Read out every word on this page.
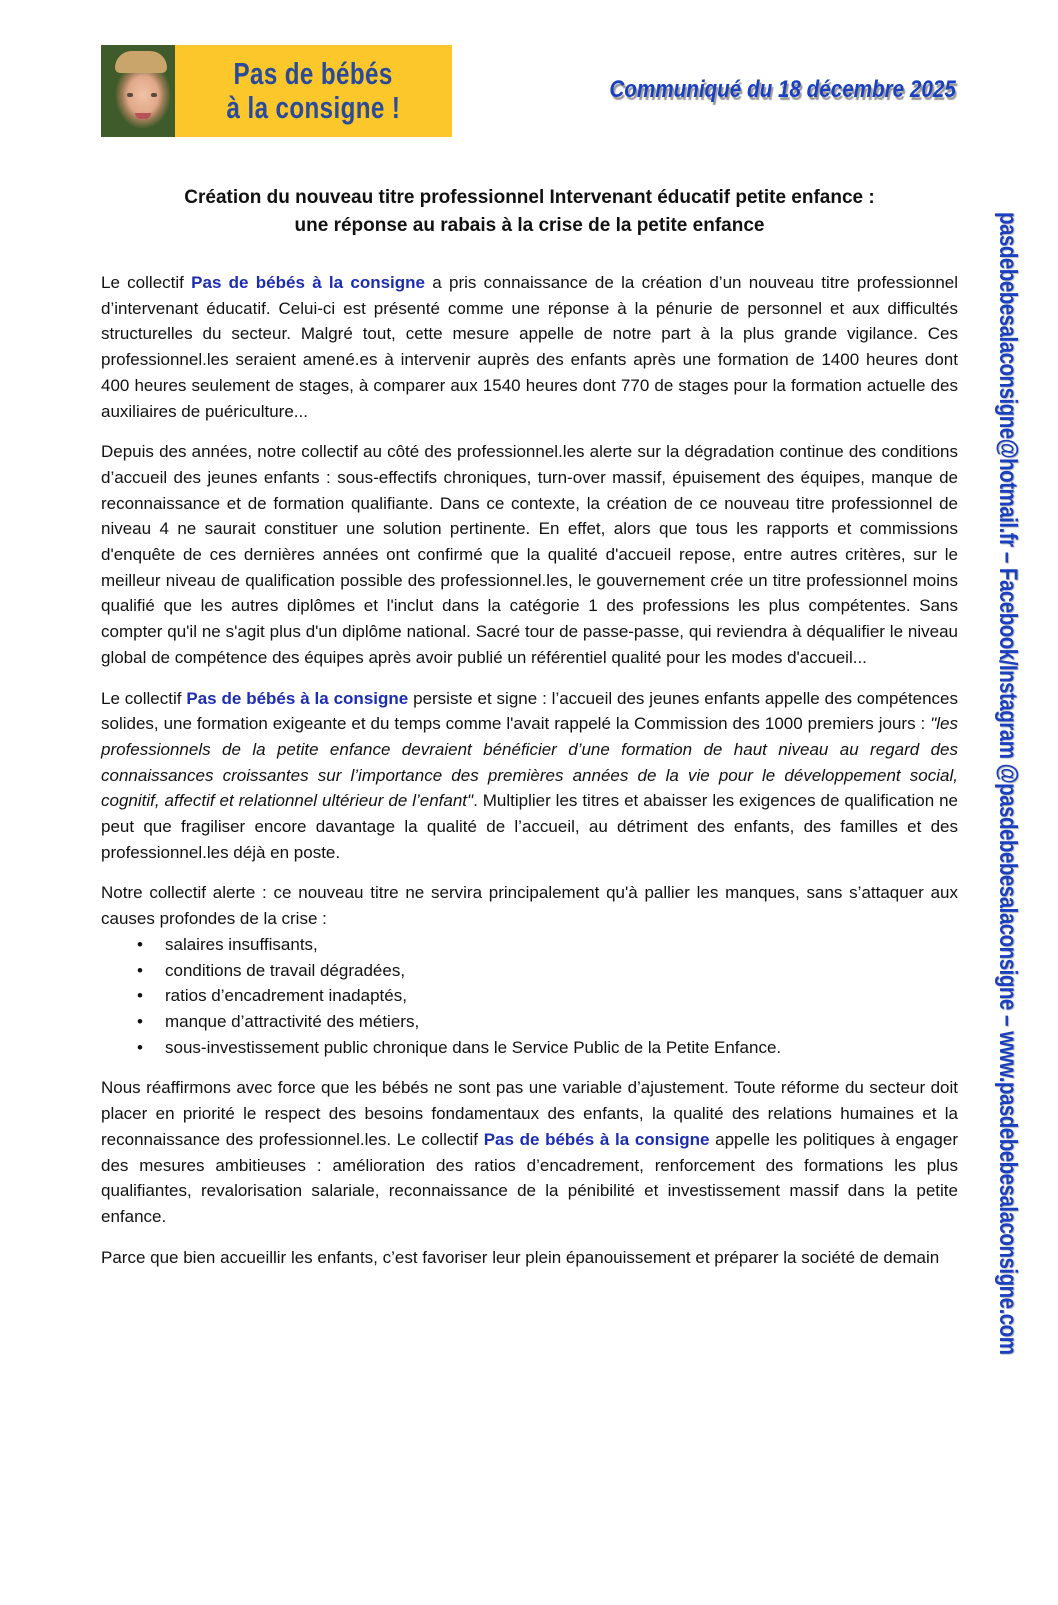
Pas de bébés
à la consigne !
Communiqué du 18 décembre 2025
Création du nouveau titre professionnel Intervenant éducatif petite enfance :
une réponse au rabais à la crise de la petite enfance

Le collectif Pas de bébés à la consigne a pris connaissance de la création d’un nouveau titre professionnel d’intervenant éducatif. Celui-ci est présenté comme une réponse à la pénurie de personnel et aux difficultés structurelles du secteur. Malgré tout, cette mesure appelle de notre part à la plus grande vigilance. Ces professionnel.les seraient amené.es à intervenir auprès des enfants après une formation de 1400 heures dont 400 heures seulement de stages, à comparer aux 1540 heures dont 770 de stages pour la formation actuelle des auxiliaires de puériculture...

Depuis des années, notre collectif au côté des professionnel.les alerte sur la dégradation continue des conditions d’accueil des jeunes enfants : sous-effectifs chroniques, turn-over massif, épuisement des équipes, manque de reconnaissance et de formation qualifiante. Dans ce contexte, la création de ce nouveau titre professionnel de niveau 4 ne saurait constituer une solution pertinente. En effet, alors que tous les rapports et commissions d'enquête de ces dernières années ont confirmé que la qualité d'accueil repose, entre autres critères, sur le meilleur niveau de qualification possible des professionnel.les, le gouvernement crée un titre professionnel moins qualifié que les autres diplômes et l'inclut dans la catégorie 1 des professions les plus compétentes. Sans compter qu'il ne s'agit plus d'un diplôme national. Sacré tour de passe-passe, qui reviendra à déqualifier le niveau global de compétence des équipes après avoir publié un référentiel qualité pour les modes d'accueil...

Le collectif Pas de bébés à la consigne persiste et signe : l’accueil des jeunes enfants appelle des compétences solides, une formation exigeante et du temps comme l'avait rappelé la Commission des 1000 premiers jours : "les professionnels de la petite enfance devraient bénéficier d’une formation de haut niveau au regard des connaissances croissantes sur l’importance des premières années de la vie pour le développement social, cognitif, affectif et relationnel ultérieur de l’enfant". Multiplier les titres et abaisser les exigences de qualification ne peut que fragiliser encore davantage la qualité de l’accueil, au détriment des enfants, des familles et des professionnel.les déjà en poste.

Notre collectif alerte : ce nouveau titre ne servira principalement qu'à pallier les manques, sans s’attaquer aux causes profondes de la crise :
• salaires insuffisants,
• conditions de travail dégradées,
• ratios d’encadrement inadaptés,
• manque d’attractivité des métiers,
• sous-investissement public chronique dans le Service Public de la Petite Enfance.

Nous réaffirmons avec force que les bébés ne sont pas une variable d’ajustement. Toute réforme du secteur doit placer en priorité le respect des besoins fondamentaux des enfants, la qualité des relations humaines et la reconnaissance des professionnel.les. Le collectif Pas de bébés à la consigne appelle les politiques à engager des mesures ambitieuses : amélioration des ratios d’encadrement, renforcement des formations les plus qualifiantes, revalorisation salariale, reconnaissance de la pénibilité et investissement massif dans la petite enfance.

Parce que bien accueillir les enfants, c’est favoriser leur plein épanouissement et préparer la société de demain	pasdebebesalaconsigne@hotmail.fr – Facebook/Instagram @pasdebebesalaconsigne – www.pasdebebesalaconsigne.com
